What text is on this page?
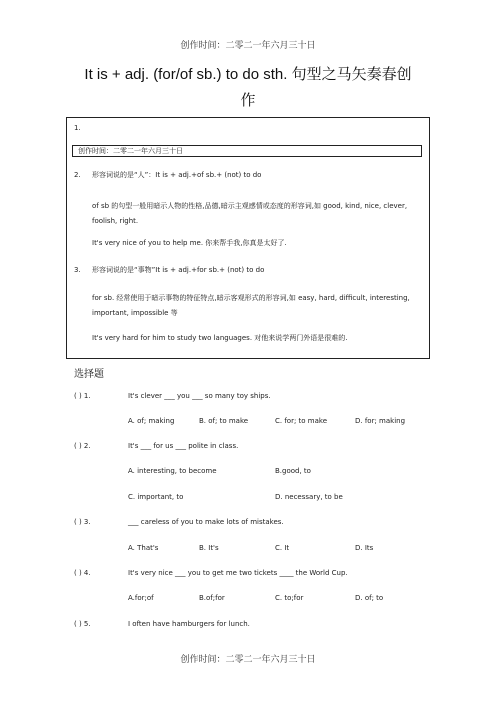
创作时间：二零二一年六月三十日
It is + adj. (for/of sb.) to do sth. 句型之马矢奏春创
作
1.
创作时间：二零二一年六月三十日
2. 形容词说的是“人”：It is + adj.+of sb.+ (not) to do
of sb 的句型一般用暗示人物的性格,品德,暗示主观感情或态度的形容词,如 good, kind, nice, clever, foolish, right.
It's very nice of you to help me. 你来帮手我,你真是太好了.
3. 形容词说的是“事物”It is + adj.+for sb.+ (not) to do
for sb. 经常使用于暗示事物的特征特点,暗示客观形式的形容词,如 easy, hard, difficult, interesting, important, impossible 等
It's very hard for him to study two languages. 对他来说学两门外语是很难的.
选择题
( ) 1.	It's clever ___ you ___ so many toy ships.
A. of; making	B. of; to make	C. for; to make	D. for; making
( ) 2.	It's ___ for us ___ polite in class.
A. interesting, to become	B.good, to
C. important, to	D. necessary, to be
( ) 3.	___ careless of you to make lots of mistakes.
A. That's	B. It's	C. It	D. Its
( ) 4.	It's very nice ___ you to get me two tickets ____ the World Cup.
A.for;of	B.of;for	C. to;for	D. of; to
( ) 5.	I often have hamburgers for lunch.
创作时间：二零二一年六月三十日
